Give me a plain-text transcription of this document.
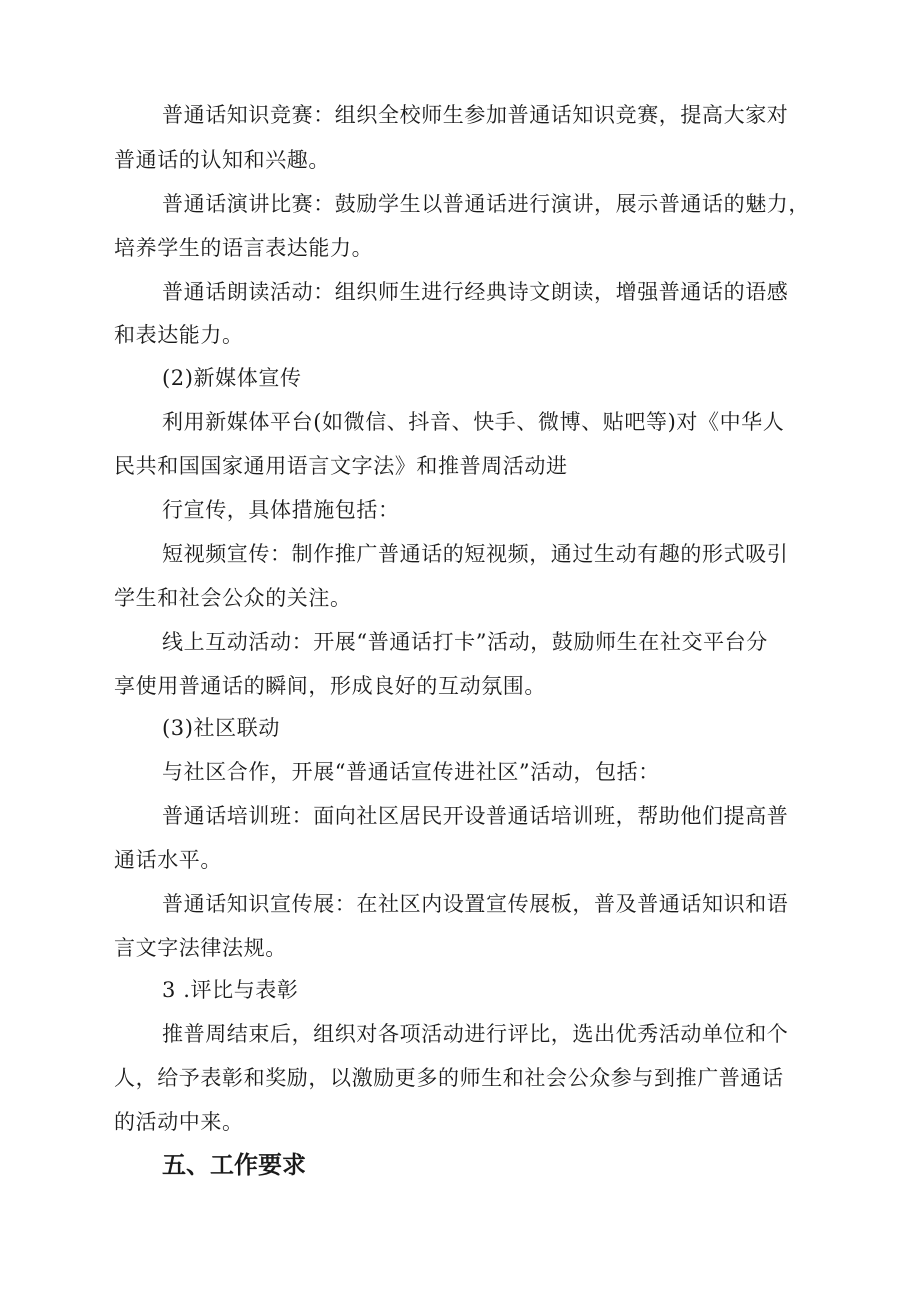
普通话知识竞赛：组织全校师生参加普通话知识竞赛，提高大家对
普通话的认知和兴趣。
普通话演讲比赛：鼓励学生以普通话进行演讲，展示普通话的魅力，
培养学生的语言表达能力。
普通话朗读活动：组织师生进行经典诗文朗读，增强普通话的语感
和表达能力。
(2)新媒体宣传
利用新媒体平台(如微信、抖音、快手、微博、贴吧等)对《中华人
民共和国国家通用语言文字法》和推普周活动进
行宣传，具体措施包括：
短视频宣传：制作推广普通话的短视频，通过生动有趣的形式吸引
学生和社会公众的关注。
线上互动活动：开展“普通话打卡”活动，鼓励师生在社交平台分
享使用普通话的瞬间，形成良好的互动氛围。
(3)社区联动
与社区合作，开展“普通话宣传进社区”活动，包括：
普通话培训班：面向社区居民开设普通话培训班，帮助他们提高普
通话水平。
普通话知识宣传展：在社区内设置宣传展板，普及普通话知识和语
言文字法律法规。
3 .评比与表彰
推普周结束后，组织对各项活动进行评比，选出优秀活动单位和个
人，给予表彰和奖励，以激励更多的师生和社会公众参与到推广普通话
的活动中来。
五、工作要求
